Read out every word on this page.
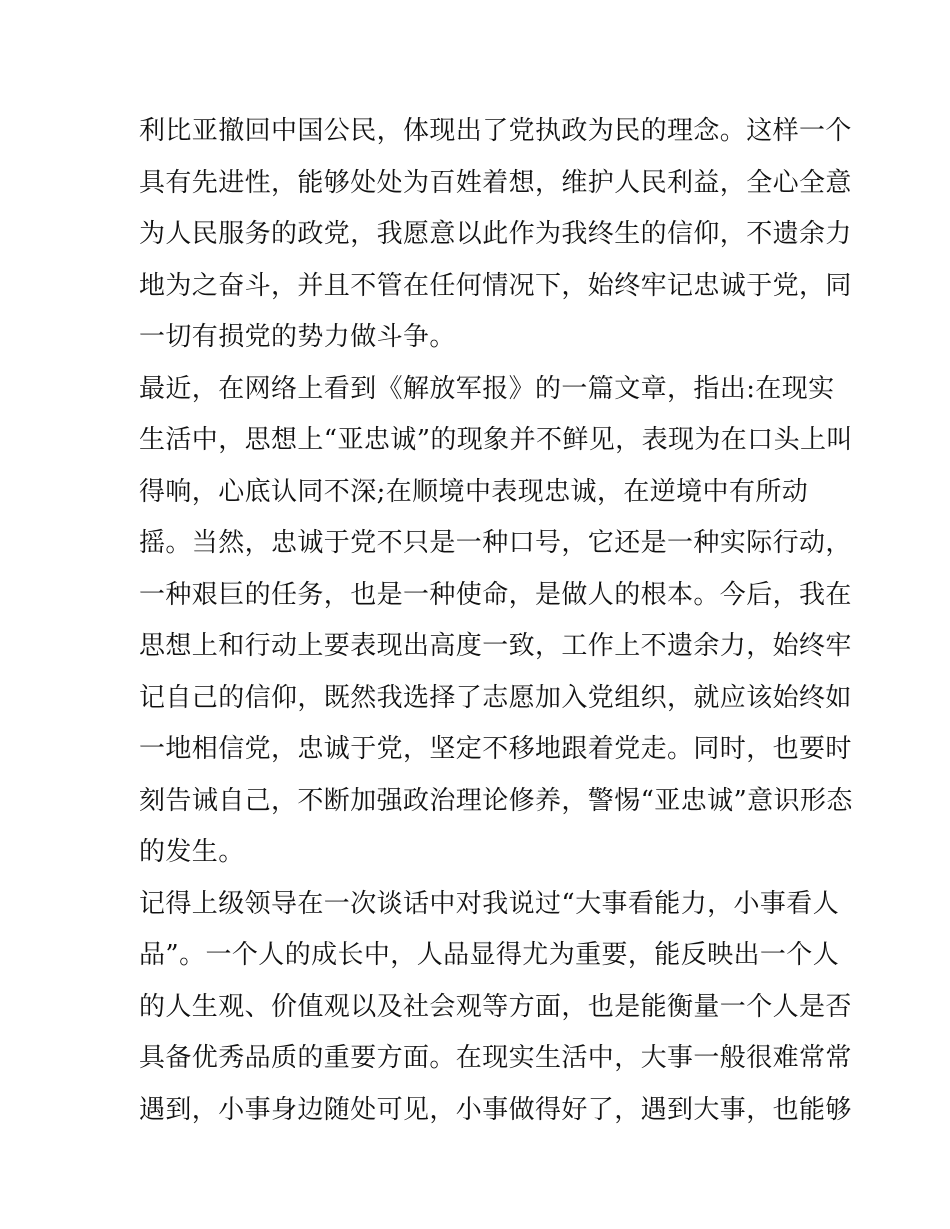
利比亚撤回中国公民，体现出了党执政为民的理念。这样一个
具有先进性，能够处处为百姓着想，维护人民利益，全心全意
为人民服务的政党，我愿意以此作为我终生的信仰，不遗余力
地为之奋斗，并且不管在任何情况下，始终牢记忠诚于党，同
一切有损党的势力做斗争。
最近，在网络上看到《解放军报》的一篇文章，指出:在现实
生活中，思想上“亚忠诚”的现象并不鲜见，表现为在口头上叫
得响，心底认同不深;在顺境中表现忠诚，在逆境中有所动
摇。当然，忠诚于党不只是一种口号，它还是一种实际行动，
一种艰巨的任务，也是一种使命，是做人的根本。今后，我在
思想上和行动上要表现出高度一致，工作上不遗余力，始终牢
记自己的信仰，既然我选择了志愿加入党组织，就应该始终如
一地相信党，忠诚于党，坚定不移地跟着党走。同时，也要时
刻告诫自己，不断加强政治理论修养，警惕“亚忠诚”意识形态
的发生。
记得上级领导在一次谈话中对我说过“大事看能力，小事看人
品”。一个人的成长中，人品显得尤为重要，能反映出一个人
的人生观、价值观以及社会观等方面，也是能衡量一个人是否
具备优秀品质的重要方面。在现实生活中，大事一般很难常常
遇到，小事身边随处可见，小事做得好了，遇到大事，也能够
